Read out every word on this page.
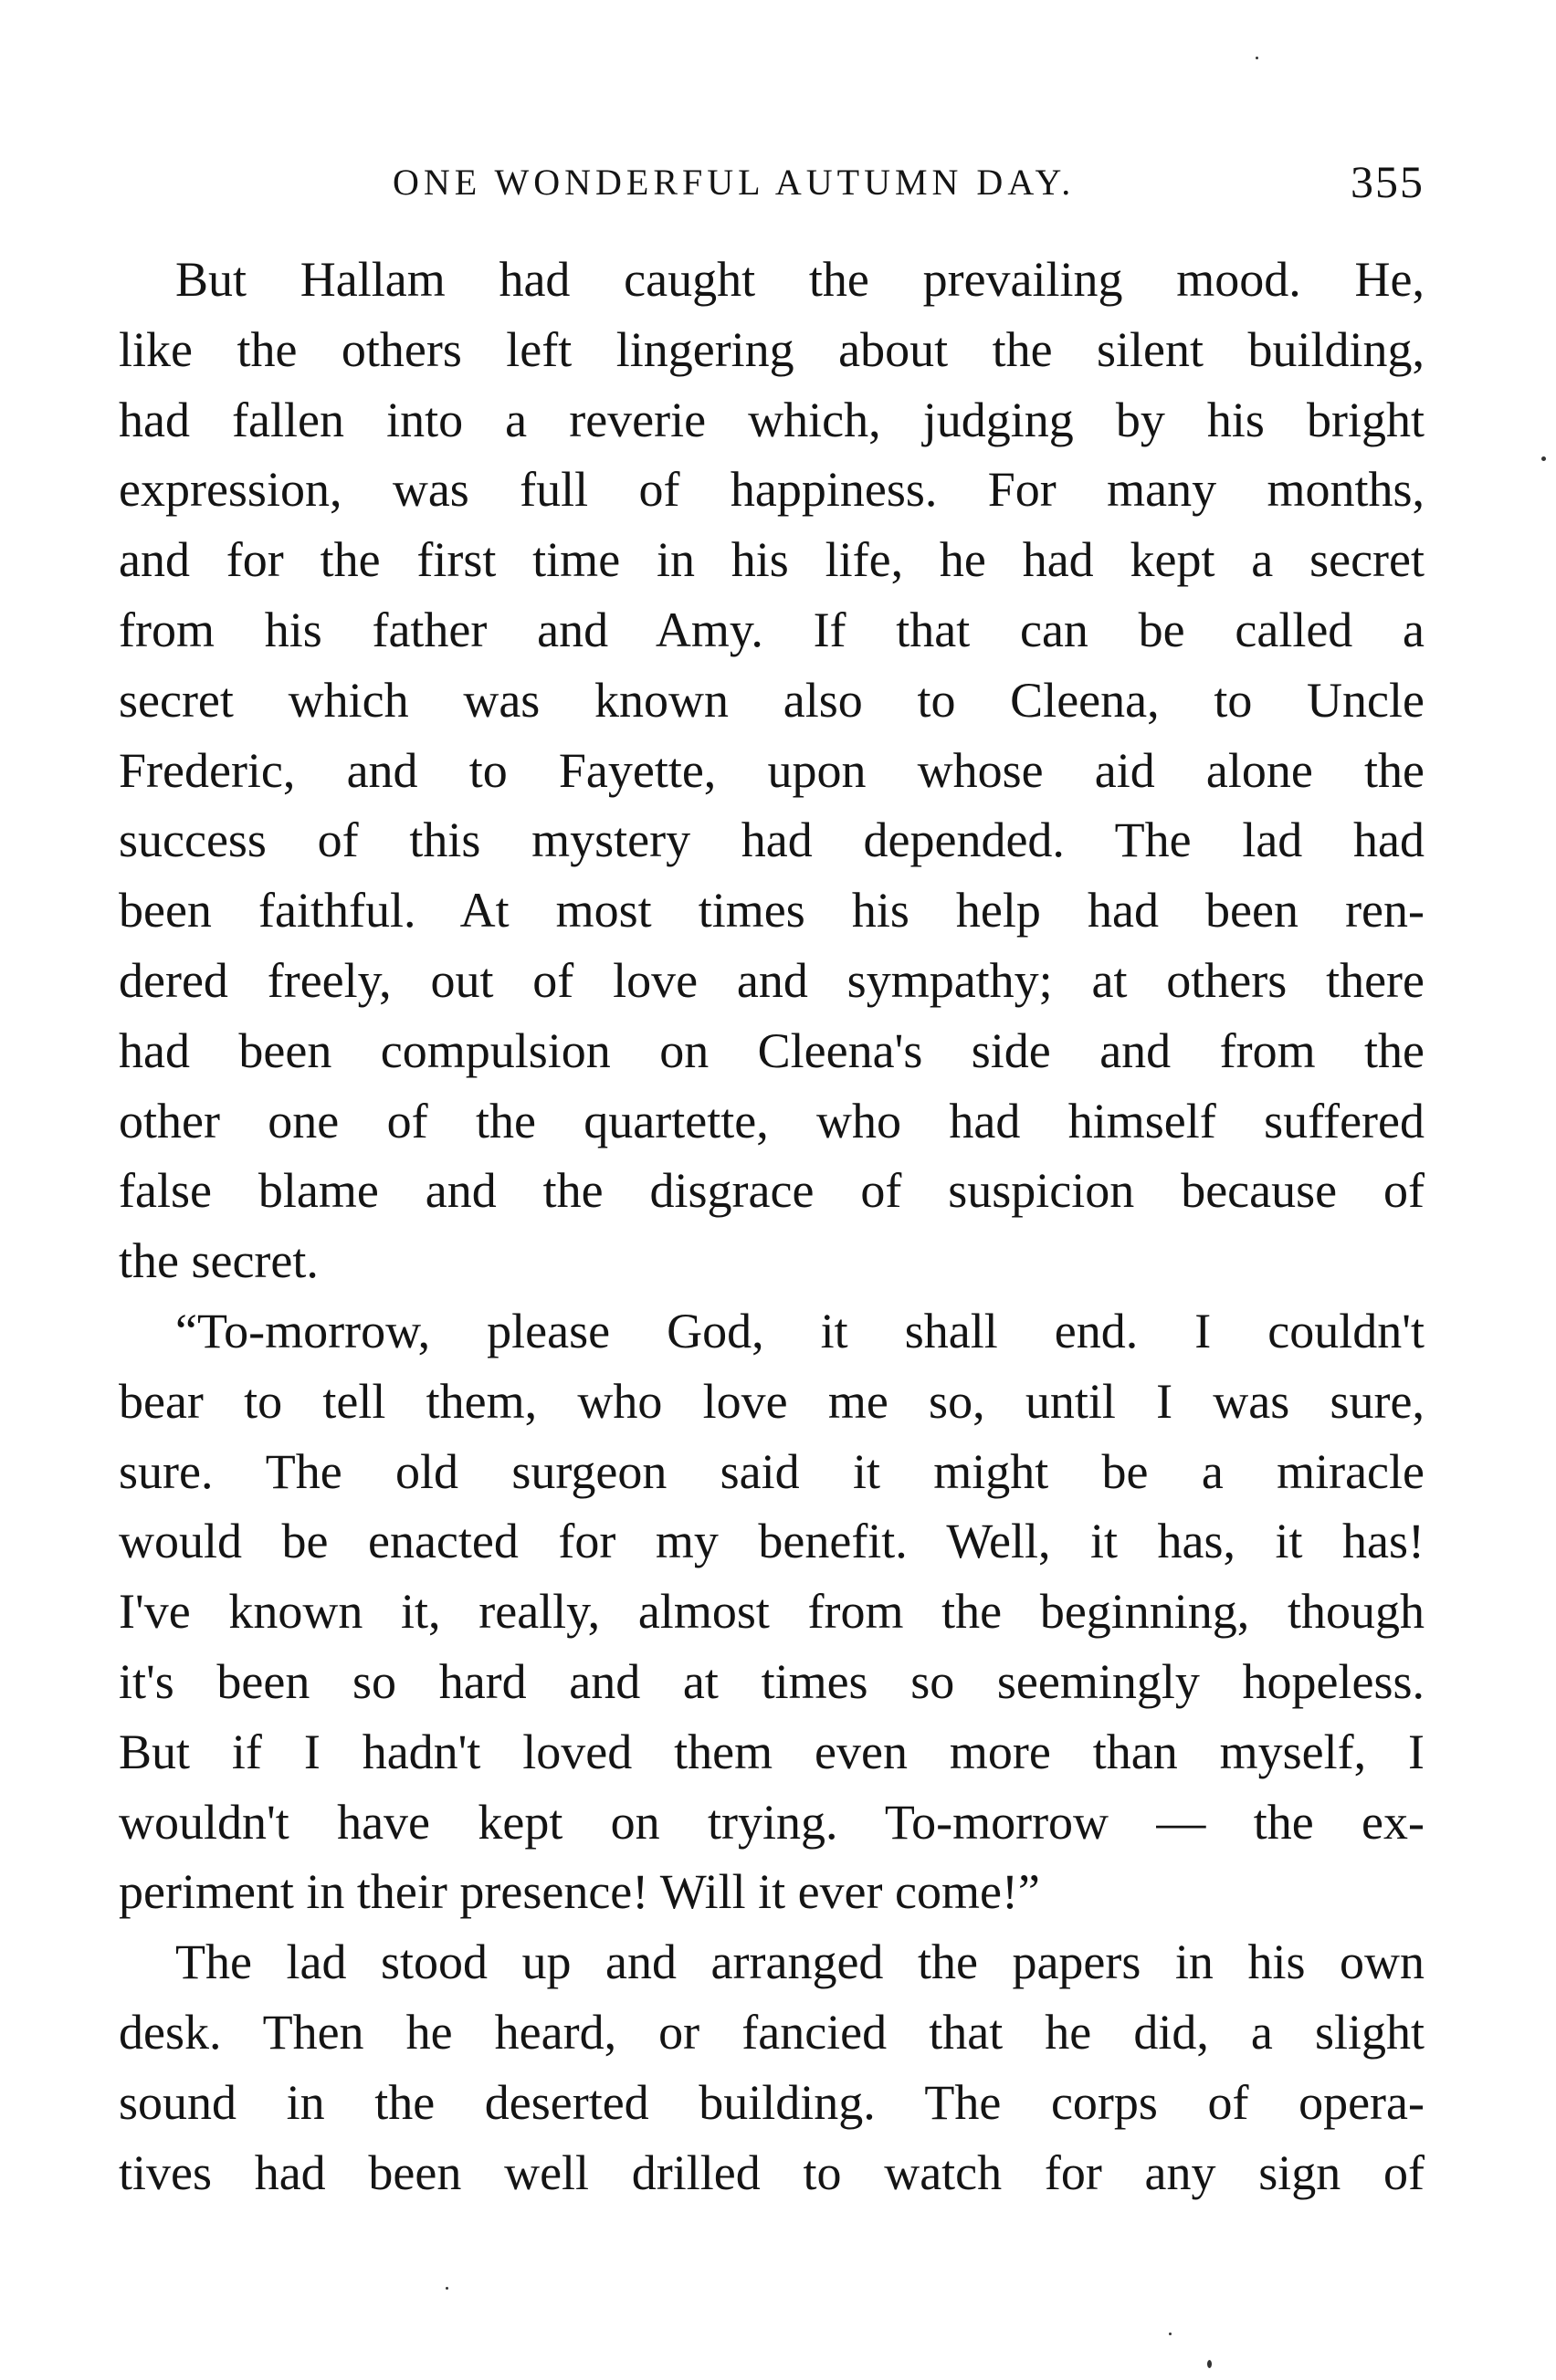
ONE WONDERFUL AUTUMN DAY.	355
But Hallam had caught the prevailing mood. He,
like the others left lingering about the silent building,
had fallen into a reverie which, judging by his bright
expression, was full of happiness. For many months,
and for the first time in his life, he had kept a secret
from his father and Amy. If that can be called a
secret which was known also to Cleena, to Uncle
Frederic, and to Fayette, upon whose aid alone the
success of this mystery had depended. The lad had
been faithful. At most times his help had been ren-
dered freely, out of love and sympathy; at others there
had been compulsion on Cleena's side and from the
other one of the quartette, who had himself suffered
false blame and the disgrace of suspicion because of
the secret.
“To-morrow, please God, it shall end. I couldn't
bear to tell them, who love me so, until I was sure,
sure. The old surgeon said it might be a miracle
would be enacted for my benefit. Well, it has, it has!
I've known it, really, almost from the beginning, though
it's been so hard and at times so seemingly hopeless.
But if I hadn't loved them even more than myself, I
wouldn't have kept on trying. To-morrow — the ex-
periment in their presence! Will it ever come!”
The lad stood up and arranged the papers in his own
desk. Then he heard, or fancied that he did, a slight
sound in the deserted building. The corps of opera-
tives had been well drilled to watch for any sign of
